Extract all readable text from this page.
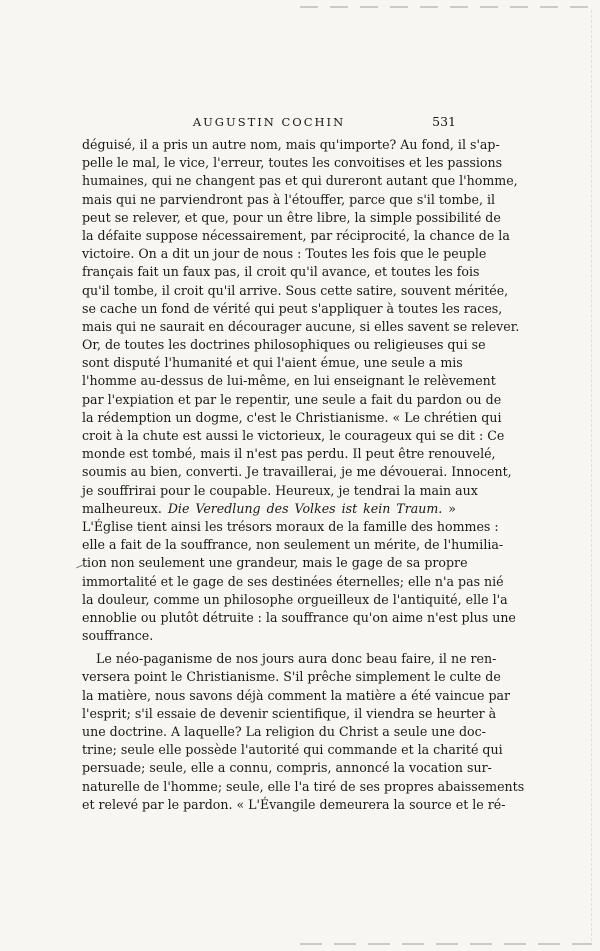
AUGUSTIN COCHIN	531
déguisé, il a pris un autre nom, mais qu'importe? Au fond, il s'ap-
pelle le mal, le vice, l'erreur, toutes les convoitises et les passions
humaines, qui ne changent pas et qui dureront autant que l'homme,
mais qui ne parviendront pas à l'étouffer, parce que s'il tombe, il
peut se relever, et que, pour un être libre, la simple possibilité de
la défaite suppose nécessairement, par réciprocité, la chance de la
victoire. On a dit un jour de nous : Toutes les fois que le peuple
français fait un faux pas, il croit qu'il avance, et toutes les fois
qu'il tombe, il croit qu'il arrive. Sous cette satire, souvent méritée,
se cache un fond de vérité qui peut s'appliquer à toutes les races,
mais qui ne saurait en décourager aucune, si elles savent se relever.
Or, de toutes les doctrines philosophiques ou religieuses qui se
sont disputé l'humanité et qui l'aient émue, une seule a mis
l'homme au-dessus de lui-même, en lui enseignant le relèvement
par l'expiation et par le repentir, une seule a fait du pardon ou de
la rédemption un dogme, c'est le Christianisme. « Le chrétien qui
croit à la chute est aussi le victorieux, le courageux qui se dit : Ce
monde est tombé, mais il n'est pas perdu. Il peut être renouvelé,
soumis au bien, converti. Je travaillerai, je me dévouerai. Innocent,
je souffrirai pour le coupable. Heureux, je tendrai la main aux
malheureux. Die Veredlung des Volkes ist kein Traum. »
L'Église tient ainsi les trésors moraux de la famille des hommes :
elle a fait de la souffrance, non seulement un mérite, de l'humilia-
tion non seulement une grandeur, mais le gage de sa propre
immortalité et le gage de ses destinées éternelles; elle n'a pas nié
la douleur, comme un philosophe orgueilleux de l'antiquité, elle l'a
ennoblie ou plutôt détruite : la souffrance qu'on aime n'est plus une
souffrance.
Le néo-paganisme de nos jours aura donc beau faire, il ne ren-
versera point le Christianisme. S'il prêche simplement le culte de
la matière, nous savons déjà comment la matière a été vaincue par
l'esprit; s'il essaie de devenir scientifique, il viendra se heurter à
une doctrine. A laquelle? La religion du Christ a seule une doc-
trine; seule elle possède l'autorité qui commande et la charité qui
persuade; seule, elle a connu, compris, annoncé la vocation sur-
naturelle de l'homme; seule, elle l'a tiré de ses propres abaissements
et relevé par le pardon. « L'Évangile demeurera la source et le ré-
